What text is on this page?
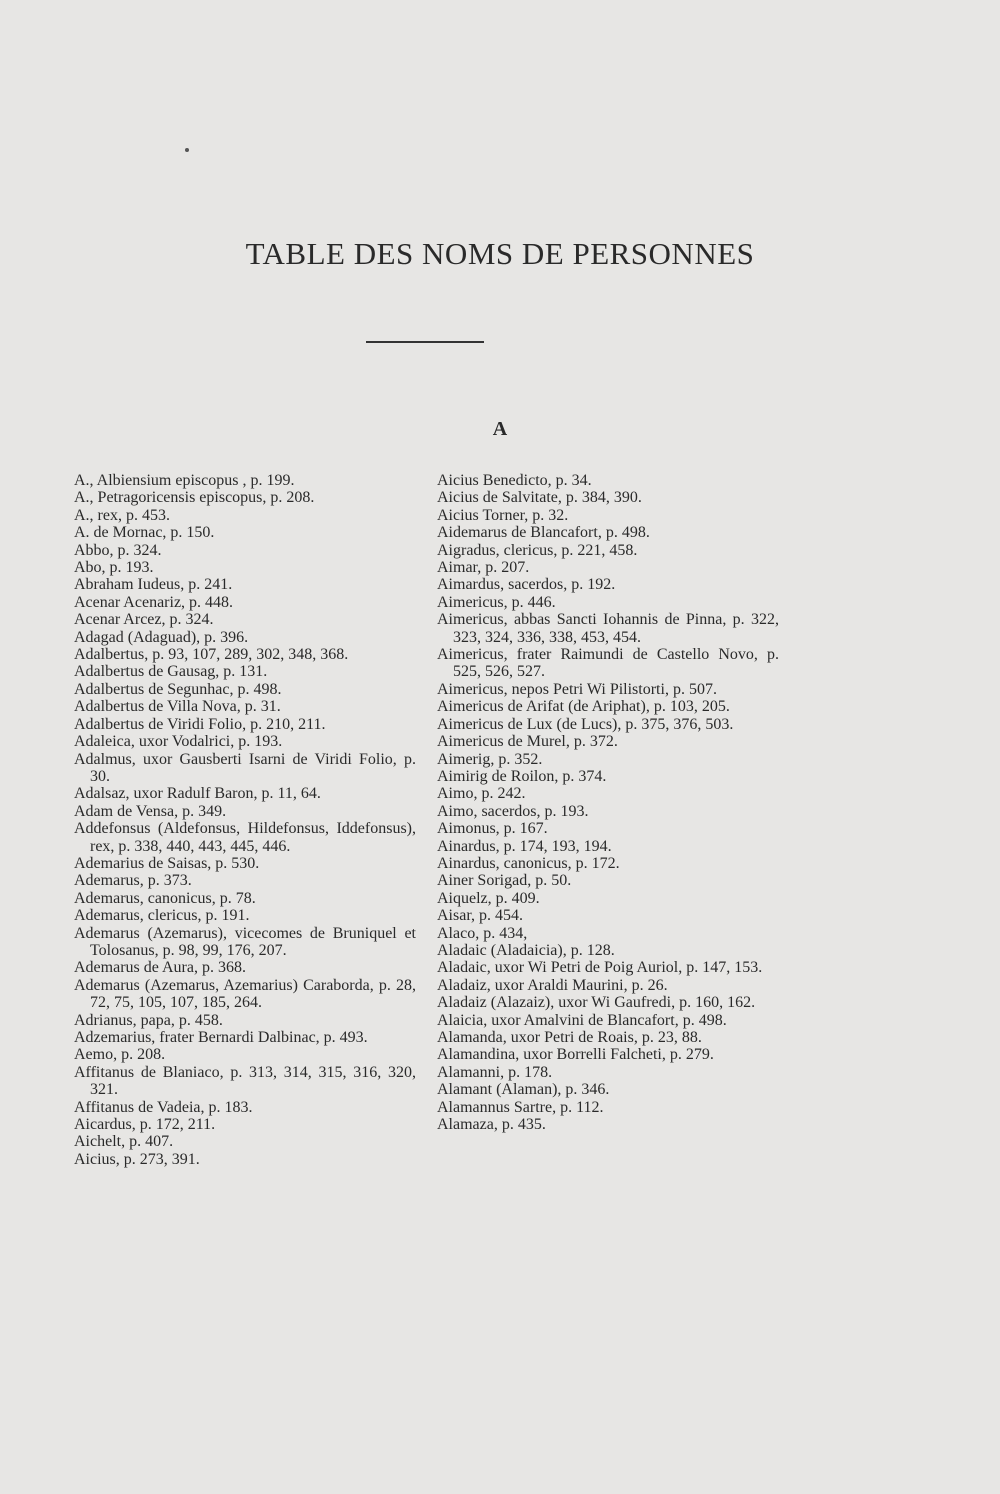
TABLE DES NOMS DE PERSONNES
A
A., Albiensium episcopus , p. 199.
A., Petragoricensis episcopus, p. 208.
A., rex, p. 453.
A. de Mornac, p. 150.
Abbo, p. 324.
Abo, p. 193.
Abraham Iudeus, p. 241.
Acenar Acenariz, p. 448.
Acenar Arcez, p. 324.
Adagad (Adaguad), p. 396.
Adalbertus, p. 93, 107, 289, 302, 348, 368.
Adalbertus de Gausag, p. 131.
Adalbertus de Segunhac, p. 498.
Adalbertus de Villa Nova, p. 31.
Adalbertus de Viridi Folio, p. 210, 211.
Adaleica, uxor Vodalrici, p. 193.
Adalmus, uxor Gausberti Isarni de Viridi Folio, p. 30.
Adalsaz, uxor Radulf Baron, p. 11, 64.
Adam de Vensa, p. 349.
Addefonsus (Aldefonsus, Hildefonsus, Iddefonsus), rex, p. 338, 440, 443, 445, 446.
Ademarius de Saisas, p. 530.
Ademarus, p. 373.
Ademarus, canonicus, p. 78.
Ademarus, clericus, p. 191.
Ademarus (Azemarus), vicecomes de Bruniquel et Tolosanus, p. 98, 99, 176, 207.
Ademarus de Aura, p. 368.
Ademarus (Azemarus, Azemarius) Caraborda, p. 28, 72, 75, 105, 107, 185, 264.
Adrianus, papa, p. 458.
Adzemarius, frater Bernardi Dalbinac, p. 493.
Aemo, p. 208.
Affitanus de Blaniaco, p. 313, 314, 315, 316, 320, 321.
Affitanus de Vadeia, p. 183.
Aicardus, p. 172, 211.
Aichelt, p. 407.
Aicius, p. 273, 391.
Aicius Benedicto, p. 34.
Aicius de Salvitate, p. 384, 390.
Aicius Torner, p. 32.
Aidemarus de Blancafort, p. 498.
Aigradus, clericus, p. 221, 458.
Aimar, p. 207.
Aimardus, sacerdos, p. 192.
Aimericus, p. 446.
Aimericus, abbas Sancti Iohannis de Pinna, p. 322, 323, 324, 336, 338, 453, 454.
Aimericus, frater Raimundi de Castello Novo, p. 525, 526, 527.
Aimericus, nepos Petri Wi Pilistorti, p. 507.
Aimericus de Arifat (de Ariphat), p. 103, 205.
Aimericus de Lux (de Lucs), p. 375, 376, 503.
Aimericus de Murel, p. 372.
Aimerig, p. 352.
Aimirig de Roilon, p. 374.
Aimo, p. 242.
Aimo, sacerdos, p. 193.
Aimonus, p. 167.
Ainardus, p. 174, 193, 194.
Ainardus, canonicus, p. 172.
Ainer Sorigad, p. 50.
Aiquelz, p. 409.
Aisar, p. 454.
Alaco, p. 434,
Aladaic (Aladaicia), p. 128.
Aladaic, uxor Wi Petri de Poig Auriol, p. 147, 153.
Aladaiz, uxor Araldi Maurini, p. 26.
Aladaiz (Alazaiz), uxor Wi Gaufredi, p. 160, 162.
Alaicia, uxor Amalvini de Blancafort, p. 498.
Alamanda, uxor Petri de Roais, p. 23, 88.
Alamandina, uxor Borrelli Falcheti, p. 279.
Alamanni, p. 178.
Alamant (Alaman), p. 346.
Alamannus Sartre, p. 112.
Alamaza, p. 435.
